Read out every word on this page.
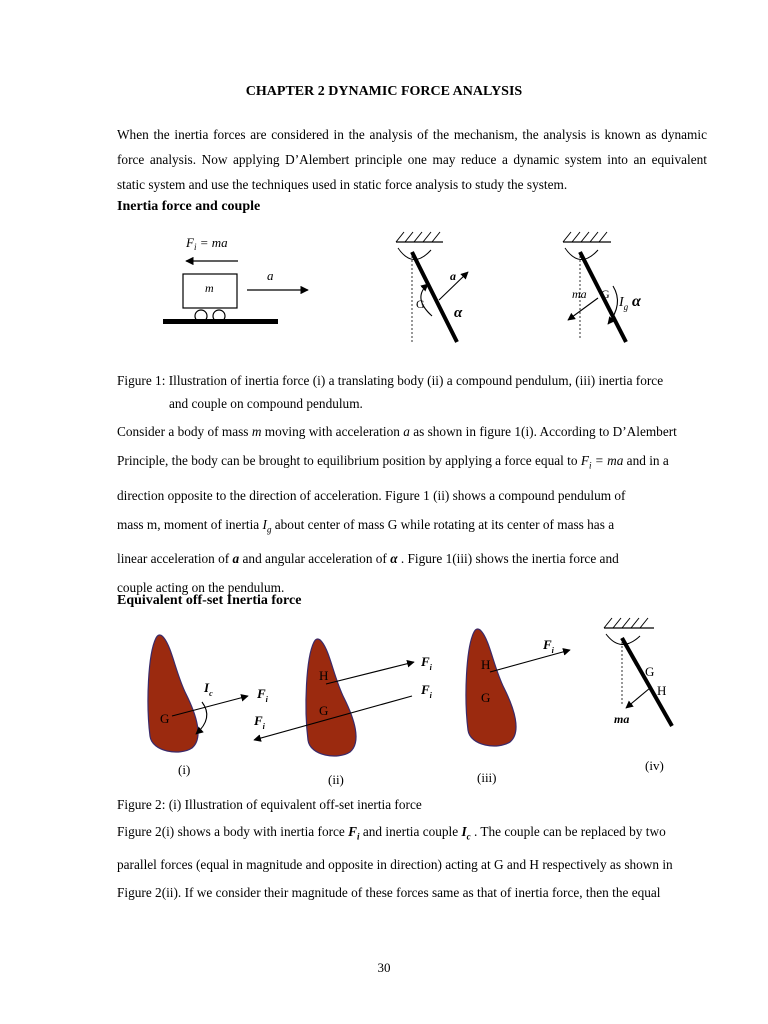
CHAPTER 2 DYNAMIC FORCE ANALYSIS
When the inertia forces are considered in the analysis of the mechanism, the analysis is known as dynamic force analysis. Now applying D’Alembert principle one may reduce a dynamic system into an equivalent static system and use the techniques used in static force analysis to study the system.
Inertia force and couple
$F_i$ = ma
m
a
G
a
α
G
ma
$I_g$ α
Figure 1: Illustration of inertia force (i) a translating body (ii) a compound pendulum, (iii) inertia force
and couple on compound pendulum.
Consider a body of mass m moving with acceleration a as shown in figure 1(i). According to D’Alembert
Principle, the body can be brought to equilibrium position by applying a force equal to $F_i$ = ma and in a
direction opposite to the direction of acceleration. Figure 1 (ii) shows a compound pendulum of
mass m, moment of inertia $I_g$ about center of mass G while rotating at its center of mass has a
linear acceleration of a and angular acceleration of α . Figure 1(iii) shows the inertia force and
couple acting on the pendulum.
Equivalent off-set Inertia force
G
$I_c$	$F_i$
(i)
H
G
$F_i$
$F_i$
$F_i$
(ii)
H
G
$F_i$
(iii)
G
H
ma
(iv)
Figure 2: (i) Illustration of equivalent off-set inertia force
Figure 2(i) shows a body with inertia force $F_i$ and inertia couple $I_c$ . The couple can be replaced by two
parallel forces (equal in magnitude and opposite in direction) acting at G and H respectively as shown in
Figure 2(ii). If we consider their magnitude of these forces same as that of inertia force, then the equal
30
